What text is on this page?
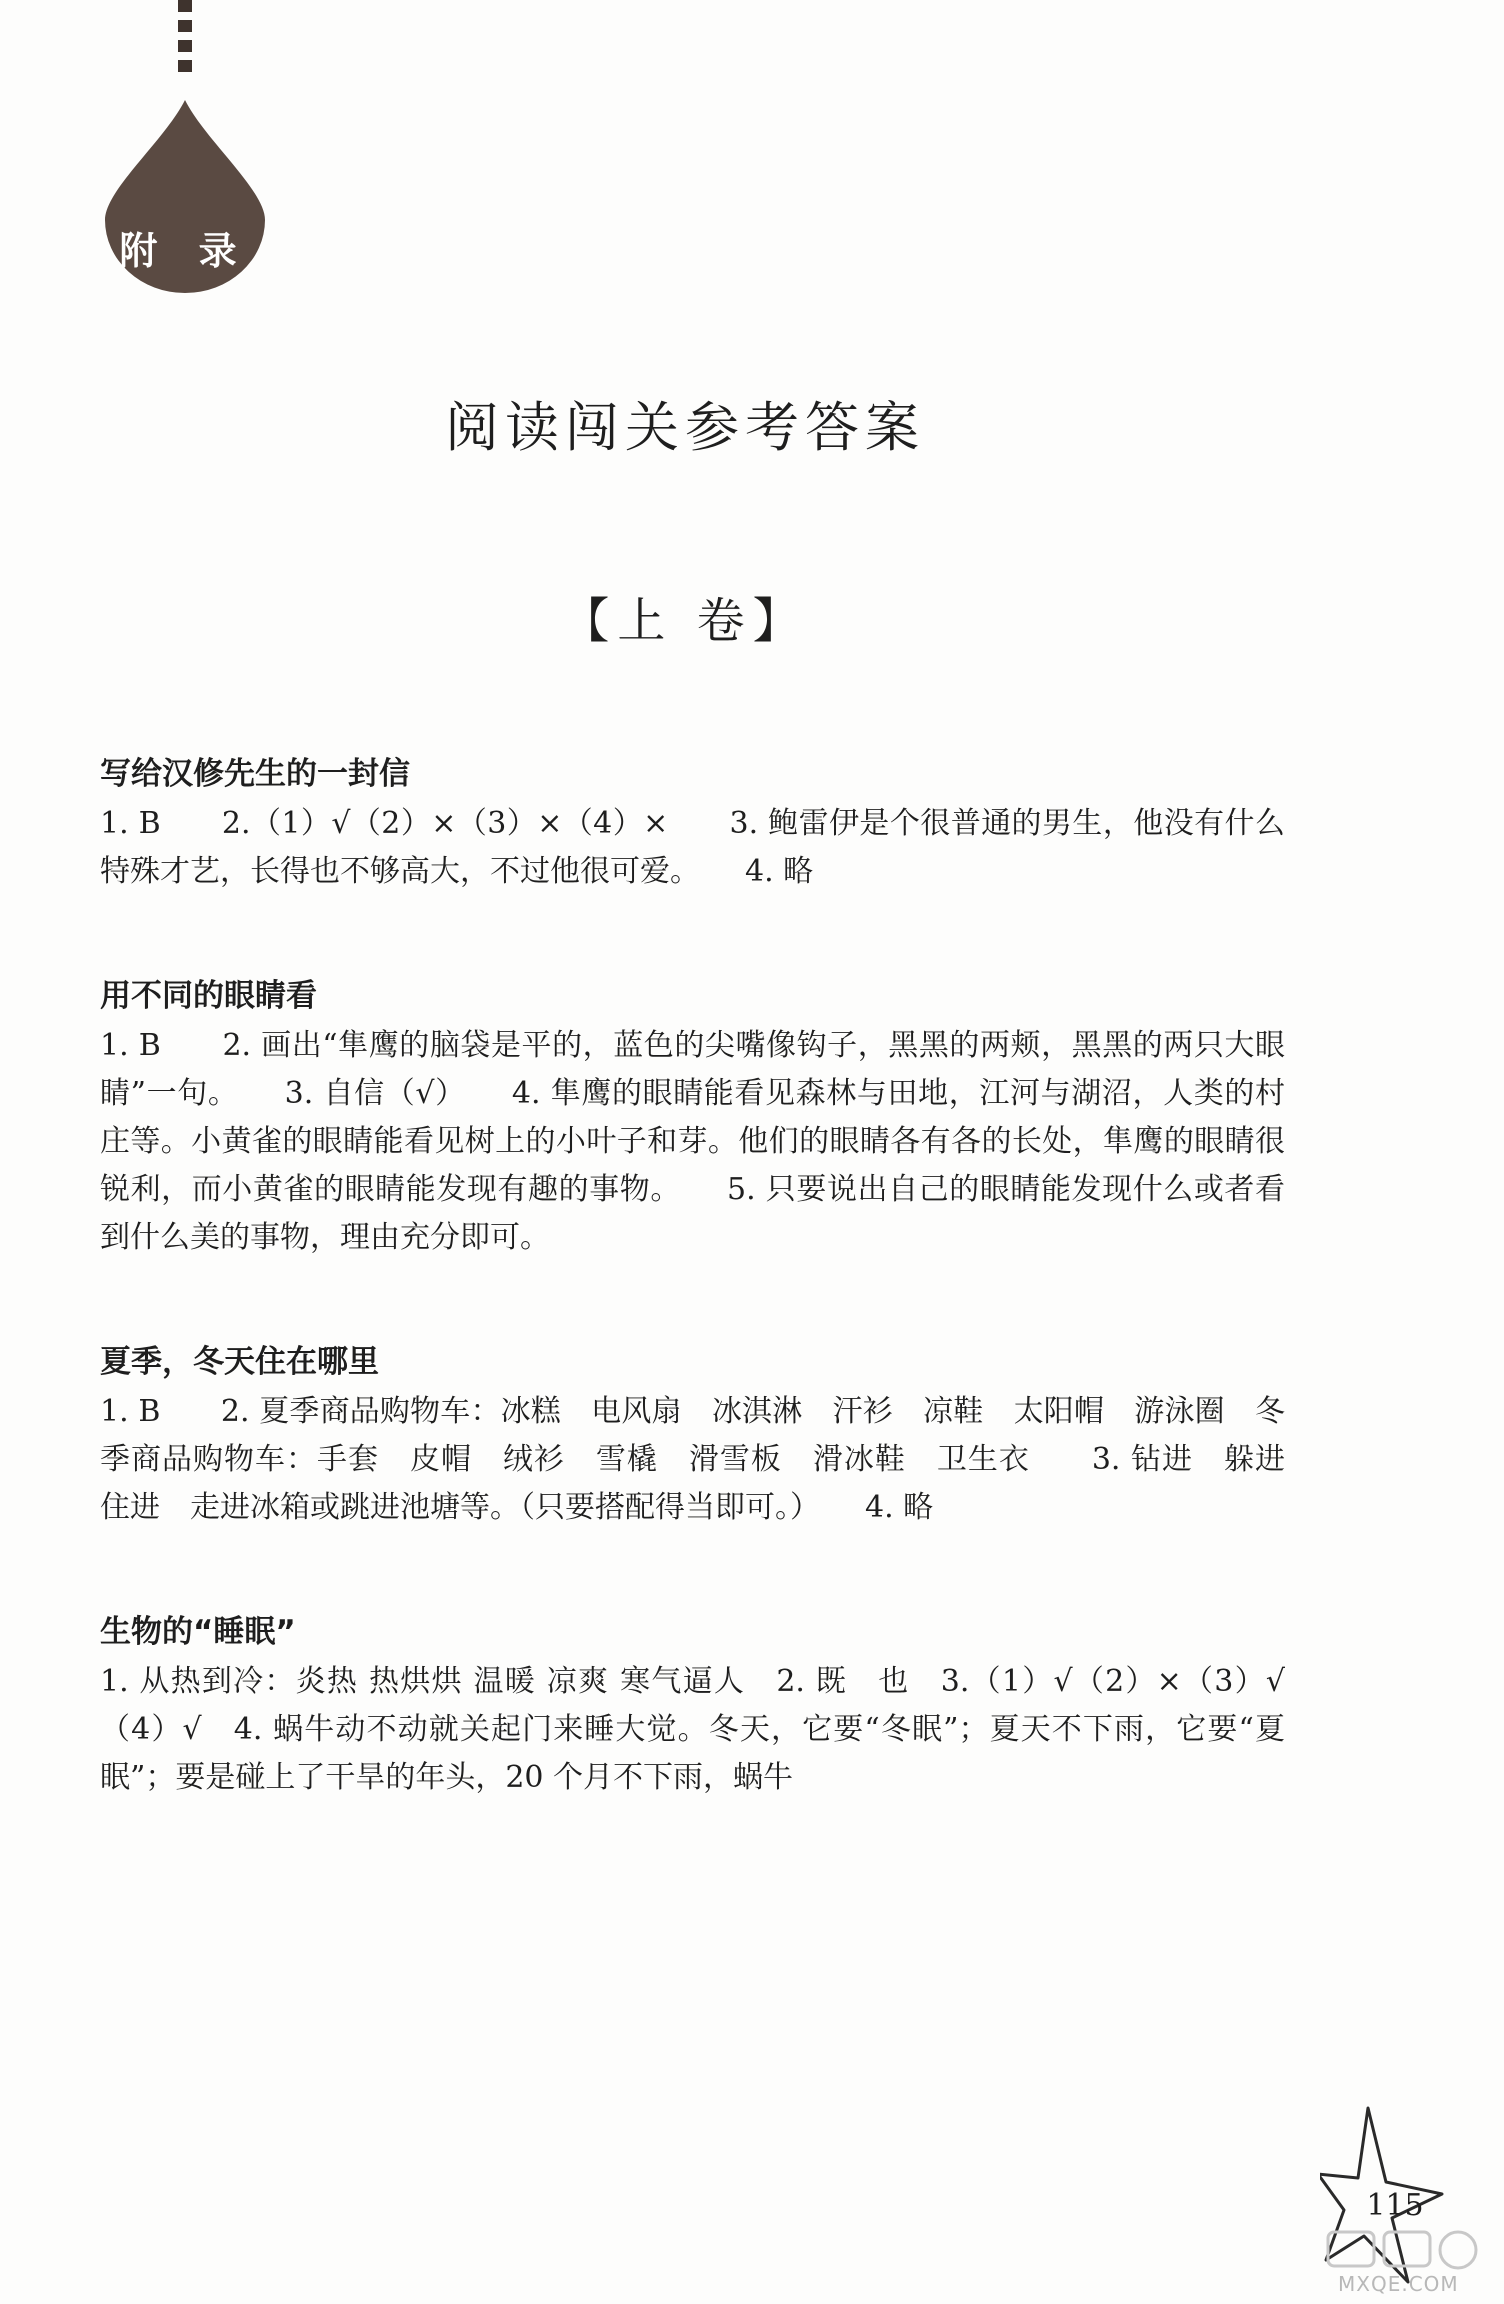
附 录
阅读闯关参考答案
【上 卷】

写给汉修先生的一封信

1. B　　2.（1）√（2）×（3）×（4）×　　3. 鲍雷伊是个很普通的男生，他没有什么特殊才艺，长得也不够高大，不过他很可爱。　　4. 略

用不同的眼睛看

1. B　　2. 画出“隼鹰的脑袋是平的，蓝色的尖嘴像钩子，黑黑的两颊，黑黑的两只大眼睛”一句。　　3. 自信（√）　　4. 隼鹰的眼睛能看见森林与田地，江河与湖沼，人类的村庄等。小黄雀的眼睛能看见树上的小叶子和芽。他们的眼睛各有各的长处，隼鹰的眼睛很锐利，而小黄雀的眼睛能发现有趣的事物。　　5. 只要说出自己的眼睛能发现什么或者看到什么美的事物，理由充分即可。

夏季，冬天住在哪里

1. B　　2. 夏季商品购物车：冰糕　电风扇　冰淇淋　汗衫　凉鞋　太阳帽　游泳圈　冬季商品购物车：手套　皮帽　绒衫　雪橇　滑雪板　滑冰鞋　卫生衣　　3. 钻进　躲进　住进　走进冰箱或跳进池塘等。（只要搭配得当即可。）　　4. 略

生物的“睡眠”

1. 从热到冷：炎热 热烘烘 温暖 凉爽 寒气逼人　2. 既　也　3.（1）√（2）×（3）√（4）√　4. 蜗牛动不动就关起门来睡大觉。冬天，它要“冬眠”；夏天不下雨，它要“夏眠”；要是碰上了干旱的年头，20 个月不下雨，蜗牛

115
MXQE.COM
